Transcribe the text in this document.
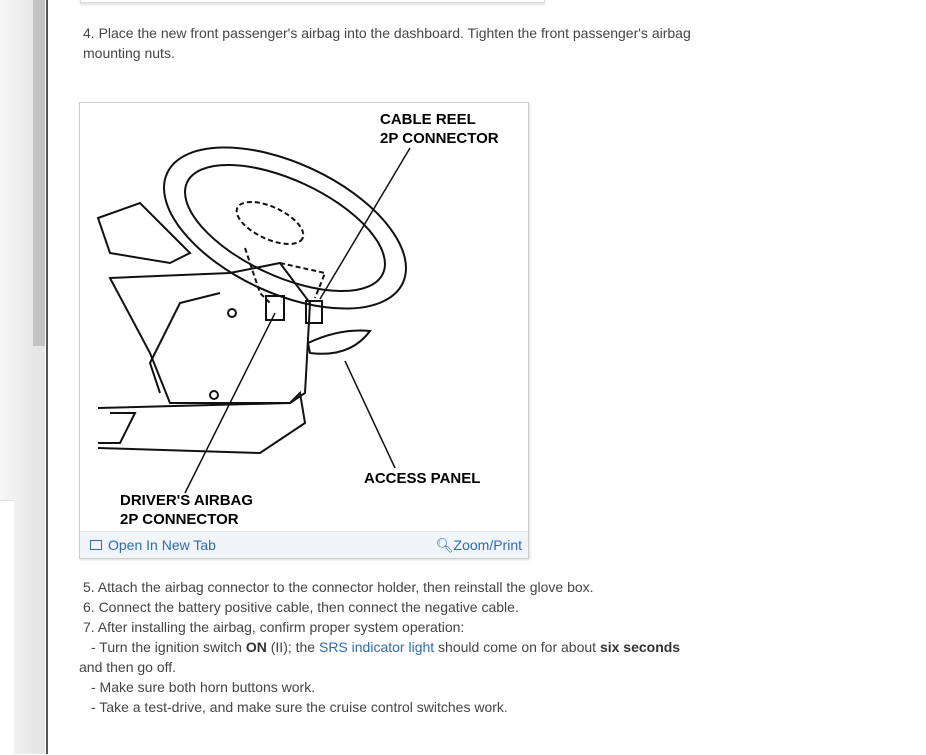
4. Place the new front passenger's airbag into the dashboard. Tighten the front passenger's airbag mounting nuts.
CABLE REEL
2P CONNECTOR
ACCESS PANEL
DRIVER'S AIRBAG
2P CONNECTOR
Open In New Tab	🔍︎Zoom/Print
5. Attach the airbag connector to the connector holder, then reinstall the glove box.
6. Connect the battery positive cable, then connect the negative cable.
7. After installing the airbag, confirm proper system operation:
- Turn the ignition switch ON (II); the SRS indicator light should come on for about six seconds
and then go off.
- Make sure both horn buttons work.
- Take a test-drive, and make sure the cruise control switches work.
